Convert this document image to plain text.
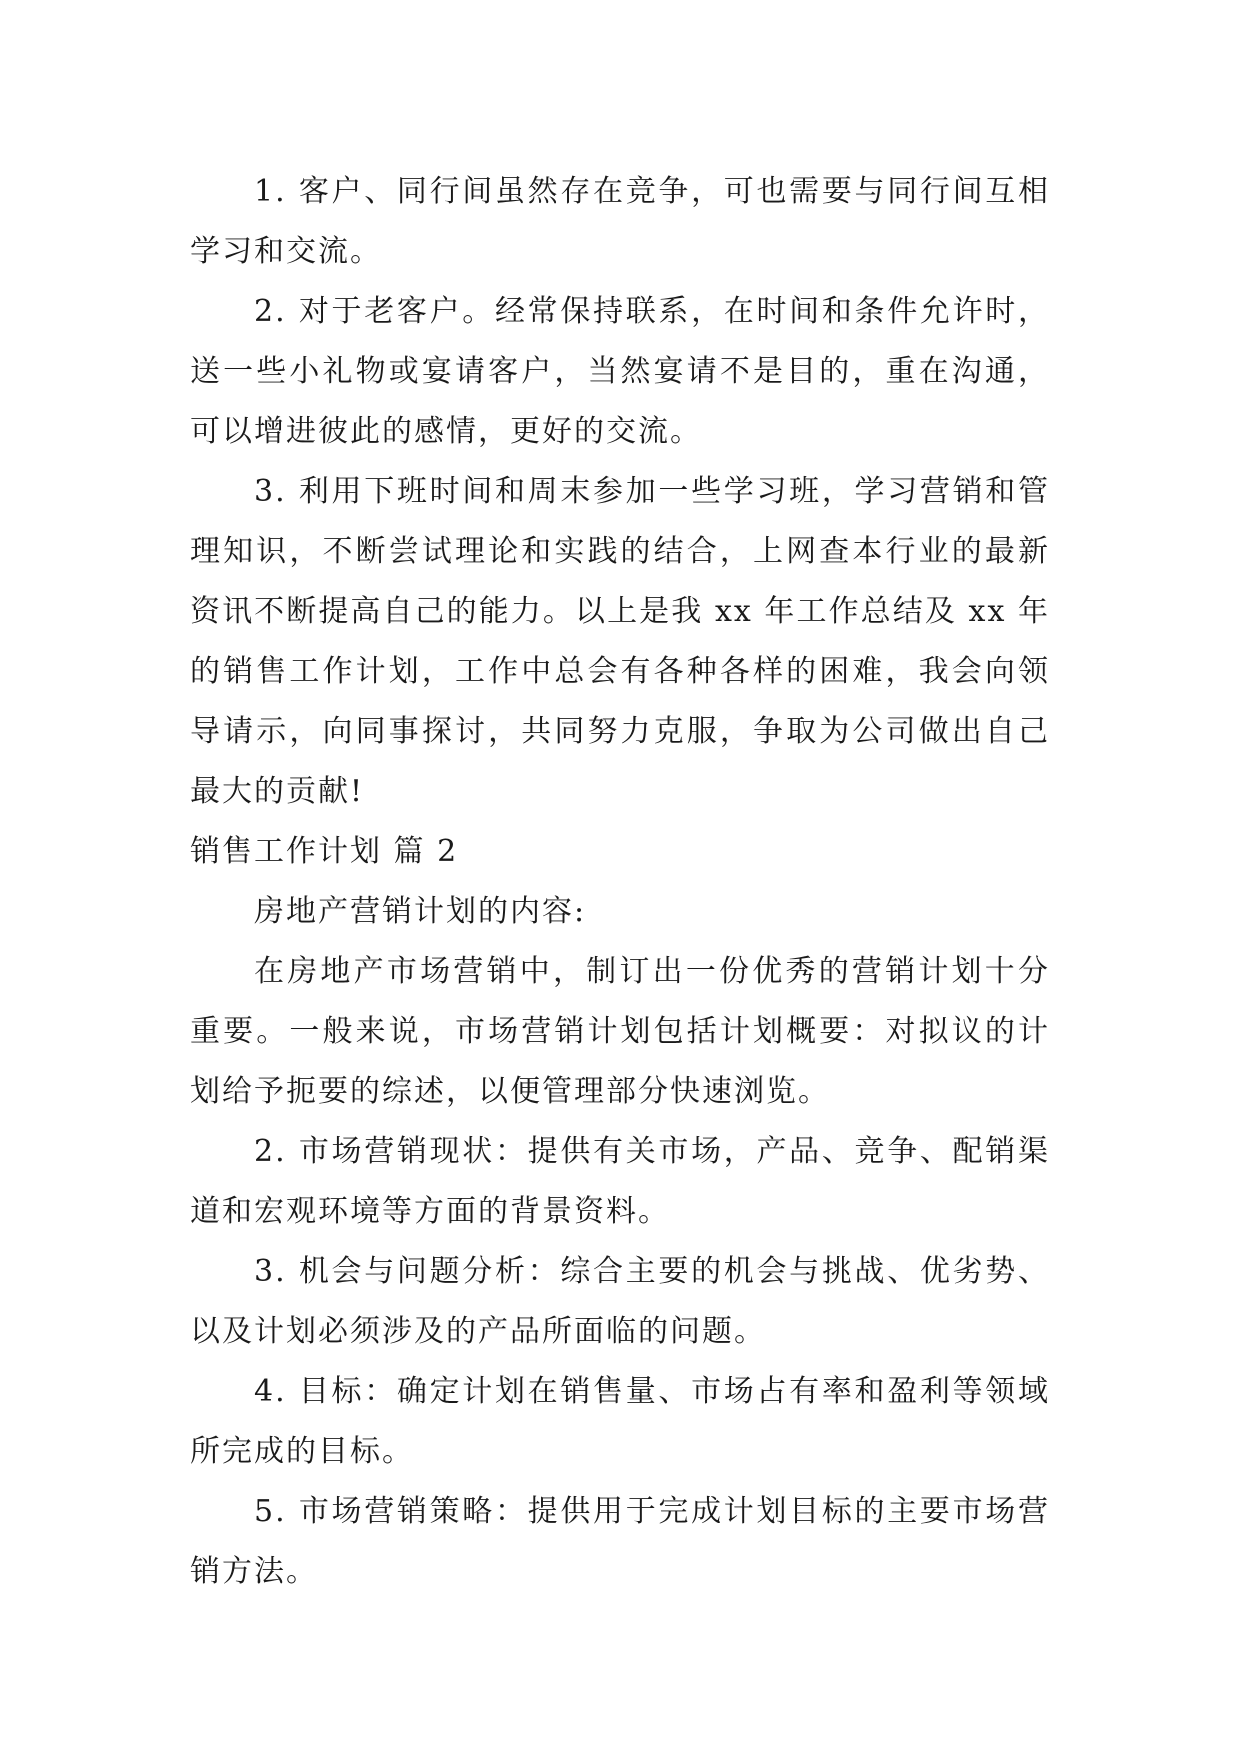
1. 客户、同行间虽然存在竞争，可也需要与同行间互相学习和交流。

2. 对于老客户。经常保持联系，在时间和条件允许时，送一些小礼物或宴请客户，当然宴请不是目的，重在沟通，可以增进彼此的感情，更好的交流。

3. 利用下班时间和周末参加一些学习班，学习营销和管理知识，不断尝试理论和实践的结合，上网查本行业的最新资讯不断提高自己的能力。以上是我 xx 年工作总结及 xx 年的销售工作计划，工作中总会有各种各样的困难，我会向领导请示，向同事探讨，共同努力克服，争取为公司做出自己最大的贡献!

销售工作计划 篇 2

房地产营销计划的内容:

在房地产市场营销中，制订出一份优秀的营销计划十分重要。一般来说，市场营销计划包括计划概要：对拟议的计划给予扼要的综述，以便管理部分快速浏览。

2. 市场营销现状：提供有关市场，产品、竞争、配销渠道和宏观环境等方面的背景资料。

3. 机会与问题分析：综合主要的机会与挑战、优劣势、以及计划必须涉及的产品所面临的问题。

4. 目标：确定计划在销售量、市场占有率和盈利等领域所完成的目标。

5. 市场营销策略：提供用于完成计划目标的主要市场营销方法。
